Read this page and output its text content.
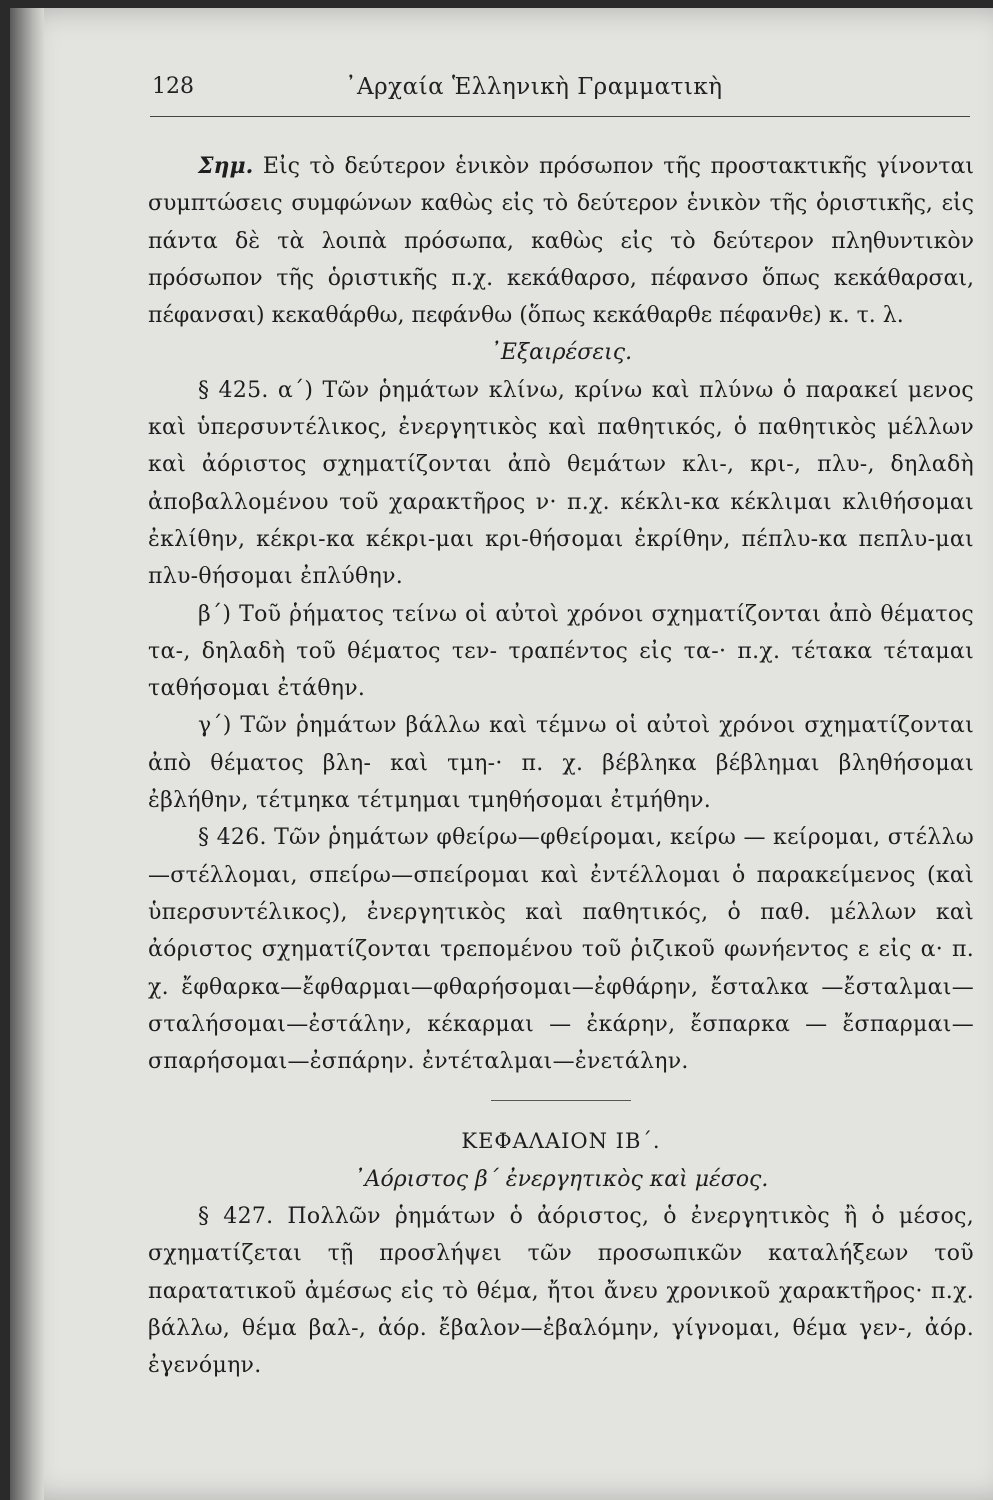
128	᾿Αρχαία Ἑλληνικὴ Γραμματικὴ

Σημ. Εἰς τὸ δεύτερον ἑνικὸν πρόσωπον τῆς προστακτικῆς γίνονται συμπτώσεις συμφώνων καθὼς εἰς τὸ δεύτερον ἑνικὸν τῆς ὁριστικῆς, εἰς πάντα δὲ τὰ λοιπὰ πρόσωπα, καθὼς εἰς τὸ δεύτερον πληθυντικὸν πρόσωπον τῆς ὁριστικῆς π.χ. κεκάθαρσο, πέφανσο ὅπως κεκάθαρσαι, πέφανσαι) κεκαθάρθω, πεφάνθω (ὅπως κεκάθαρθε πέφανθε) κ. τ. λ.

᾿Εξαιρέσεις.

§ 425. α΄) Τῶν ῥημάτων κλίνω, κρίνω καὶ πλύνω ὁ παρακεί μενος καὶ ὑπερσυντέλικος, ἐνεργητικὸς καὶ παθητικός, ὁ παθητικὸς μέλλων καὶ ἀόριστος σχηματίζονται ἀπὸ θεμάτων κλι-, κρι-, πλυ-, δηλαδὴ ἀποβαλλομένου τοῦ χαρακτῆρος ν· π.χ. κέκλι-κα κέκλιμαι κλιθήσομαι ἐκλίθην, κέκρι-κα κέκρι-μαι κρι-θήσομαι ἐκρίθην, πέπλυ-κα πεπλυ-μαι πλυ-θήσομαι ἐπλύθην.

β΄) Τοῦ ῥήματος τείνω οἱ αὐτοὶ χρόνοι σχηματίζονται ἀπὸ θέματος τα-, δηλαδὴ τοῦ θέματος τεν- τραπέντος εἰς τα-· π.χ. τέτακα τέταμαι ταθήσομαι ἐτάθην.

γ΄) Τῶν ῥημάτων βάλλω καὶ τέμνω οἱ αὐτοὶ χρόνοι σχηματίζονται ἀπὸ θέματος βλη- καὶ τμη-· π. χ. βέβληκα βέβλημαι βληθήσομαι ἐβλήθην, τέτμηκα τέτμημαι τμηθήσομαι ἐτμήθην.

§ 426. Τῶν ῥημάτων φθείρω—φθείρομαι, κείρω — κείρομαι, στέλλω—στέλλομαι, σπείρω—σπείρομαι καὶ ἐντέλλομαι ὁ παρακείμενος (καὶ ὑπερσυντέλικος), ἐνεργητικὸς καὶ παθητικός, ὁ παθ. μέλλων καὶ ἀόριστος σχηματίζονται τρεπομένου τοῦ ῥιζικοῦ φωνήεντος ε εἰς α· π. χ. ἔφθαρκα—ἔφθαρμαι—φθαρήσομαι—ἐφθάρην, ἔσταλκα —ἔσταλμαι—σταλήσομαι—ἐστάλην, κέκαρμαι — ἐκάρην, ἔσπαρκα — ἔσπαρμαι—σπαρήσομαι—ἐσπάρην. ἐντέταλμαι—ἐνετάλην.

ΚΕΦΑΛΑΙΟΝ ΙΒ΄.

᾿Αόριστος β΄ ἐνεργητικὸς καὶ μέσος.

§ 427. Πολλῶν ῥημάτων ὁ ἀόριστος, ὁ ἐνεργητικὸς ἢ ὁ μέσος, σχηματίζεται τῇ προσλήψει τῶν προσωπικῶν καταλήξεων τοῦ παρατατικοῦ ἀμέσως εἰς τὸ θέμα, ἤτοι ἄνευ χρονικοῦ χαρακτῆρος· π.χ. βάλλω, θέμα βαλ-, ἀόρ. ἔβαλον—ἐβαλόμην, γίγνομαι, θέμα γεν-, ἀόρ. ἐγενόμην.
